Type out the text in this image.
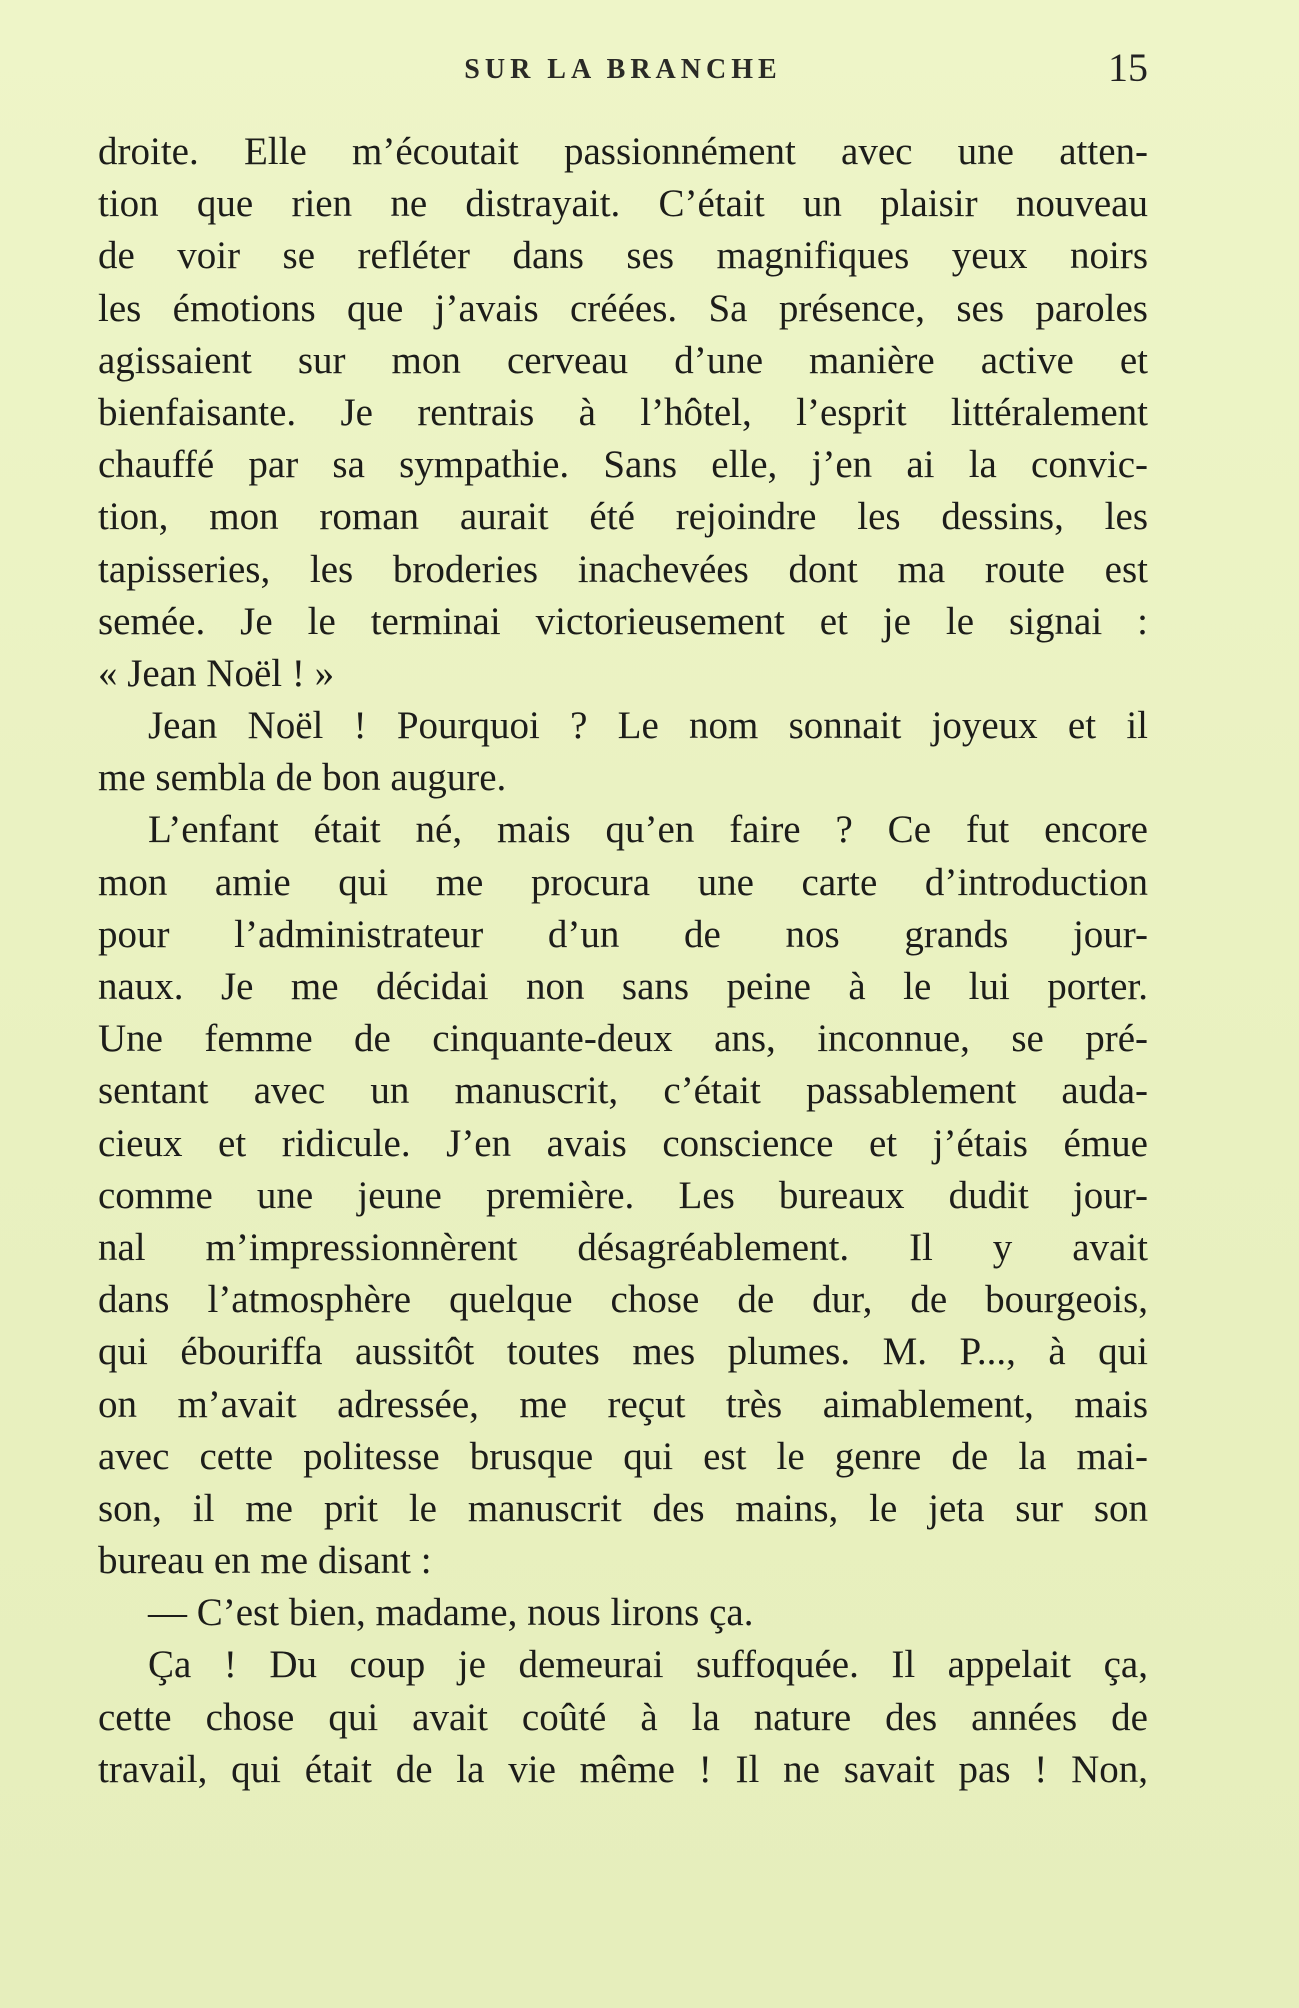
SUR LA BRANCHE	15
droite. Elle m’écoutait passionnément avec une atten-
tion que rien ne distrayait. C’était un plaisir nouveau
de voir se refléter dans ses magnifiques yeux noirs
les émotions que j’avais créées. Sa présence, ses paroles
agissaient sur mon cerveau d’une manière active et
bienfaisante. Je rentrais à l’hôtel, l’esprit littéralement
chauffé par sa sympathie. Sans elle, j’en ai la convic-
tion, mon roman aurait été rejoindre les dessins, les
tapisseries, les broderies inachevées dont ma route est
semée. Je le terminai victorieusement et je le signai :
« Jean Noël ! »
Jean Noël ! Pourquoi ? Le nom sonnait joyeux et il
me sembla de bon augure.
L’enfant était né, mais qu’en faire ? Ce fut encore
mon amie qui me procura une carte d’introduction
pour l’administrateur d’un de nos grands jour-
naux. Je me décidai non sans peine à le lui porter.
Une femme de cinquante-deux ans, inconnue, se pré-
sentant avec un manuscrit, c’était passablement auda-
cieux et ridicule. J’en avais conscience et j’étais émue
comme une jeune première. Les bureaux dudit jour-
nal m’impressionnèrent désagréablement. Il y avait
dans l’atmosphère quelque chose de dur, de bourgeois,
qui ébouriffa aussitôt toutes mes plumes. M. P..., à qui
on m’avait adressée, me reçut très aimablement, mais
avec cette politesse brusque qui est le genre de la mai-
son, il me prit le manuscrit des mains, le jeta sur son
bureau en me disant :
— C’est bien, madame, nous lirons ça.
Ça ! Du coup je demeurai suffoquée. Il appelait ça,
cette chose qui avait coûté à la nature des années de
travail, qui était de la vie même ! Il ne savait pas ! Non,
